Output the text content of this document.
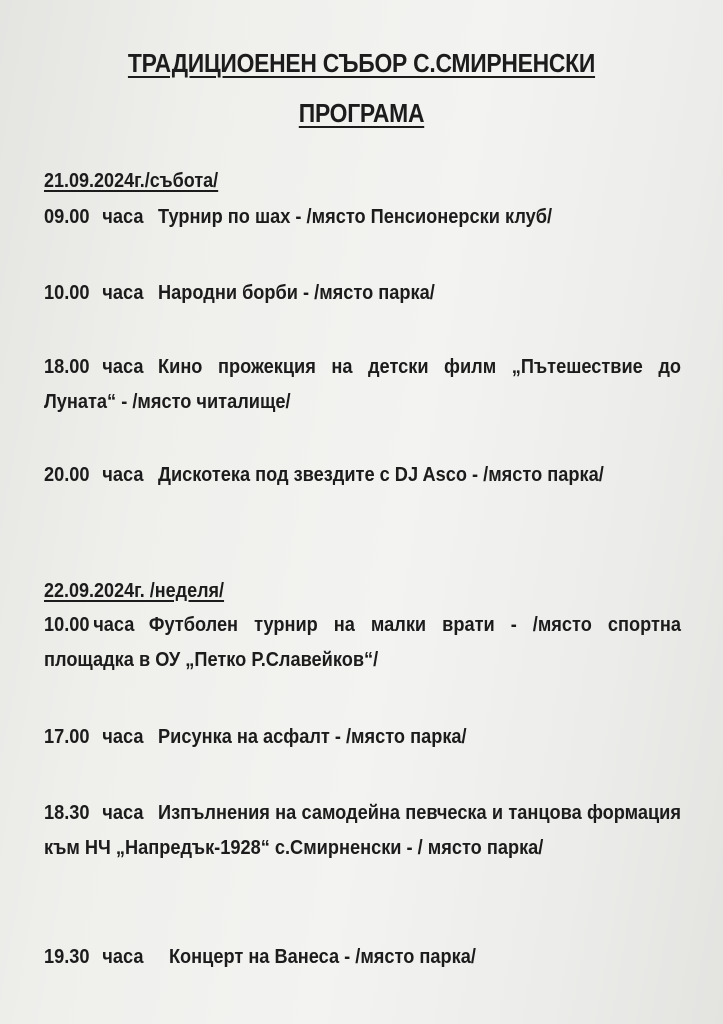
ТРАДИЦИОЕНЕН СЪБОР С.СМИРНЕНСКИ
ПРОГРАМА
21.09.2024г./събота/
09.00 часа Турнир по шах - /място Пенсионерски клуб/
10.00 часа Народни борби - /място парка/
18.00 часа Кино прожекция на детски филм „Пътешествие до Луната“ - /място читалище/
20.00 часа Дискотека под звездите с DJ Asco - /място парка/
22.09.2024г. /неделя/
10.00 часа Футболен турнир на малки врати - /място спортна площадка в ОУ „Петко Р.Славейков“/
17.00 часа Рисунка на асфалт - /място парка/
18.30 часа Изпълнения на самодейна певческа и танцова формация към НЧ „Напредък-1928“ с.Смирненски - / място парка/
19.30 часа Концерт на Ванеса - /място парка/
